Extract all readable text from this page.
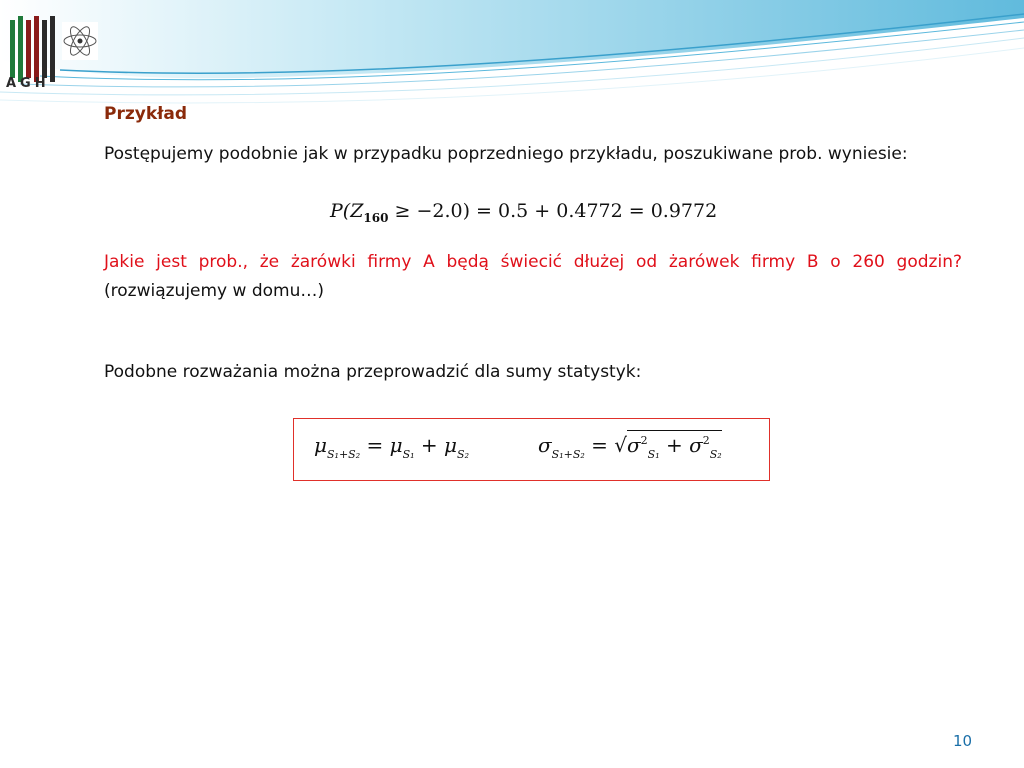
AGH
Przykład
Postępujemy podobnie jak w przypadku poprzedniego przykładu, poszukiwane prob. wyniesie:
$P(Z_{160} \ge -2.0) = 0.5 + 0.4772 = 0.9772$
Jakie jest prob., że żarówki firmy A będą świecić dłużej od żarówek firmy B o 260 godzin? (rozwiązujemy w domu…)
Podobne rozważania można przeprowadzić dla sumy statystyk:
$\mu_{S_1+S_2} = \mu_{S_1} + \mu_{S_2}$	$\sigma_{S_1+S_2} = √\sigma^2_{S_1} + \sigma^2_{S_2}$
10
